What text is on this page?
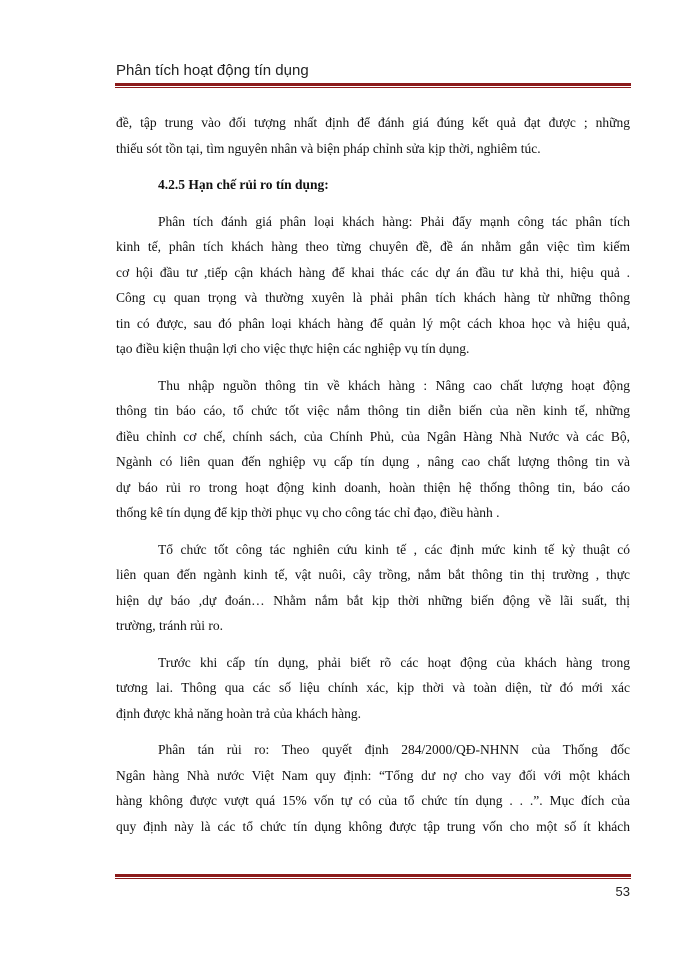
Phân tích hoạt động tín dụng
đề, tập trung vào đối tượng nhất định để đánh giá đúng kết quả đạt được ; những
thiếu sót tồn tại, tìm nguyên nhân và biện pháp chỉnh sửa kịp thời, nghiêm túc.
4.2.5 Hạn chế rủi ro tín dụng:
Phân tích đánh giá phân loại khách hàng: Phải đẩy mạnh công tác phân tích
kinh tế, phân tích khách hàng theo từng chuyên đề, đề án nhằm gắn việc tìm kiếm
cơ hội đầu tư ,tiếp cận khách hàng để khai thác các dự án đầu tư khả thi, hiệu quả .
Công cụ quan trọng và thường xuyên là phải phân tích khách hàng từ những thông
tin có được, sau đó phân loại khách hàng để quản lý một cách khoa học và hiệu quả,
tạo điều kiện thuận lợi cho việc thực hiện các nghiệp vụ tín dụng.
Thu nhập nguồn thông tin về khách hàng : Nâng cao chất lượng hoạt động
thông tin báo cáo, tổ chức tốt việc nắm thông tin diễn biến của nền kinh tế, những
điều chỉnh cơ chế, chính sách, của Chính Phủ, của Ngân Hàng Nhà Nước và các Bộ,
Ngành có liên quan đến nghiệp vụ cấp tín dụng , nâng cao chất lượng thông tin và
dự báo rủi ro trong hoạt động kinh doanh, hoàn thiện hệ thống thông tin, báo cáo
thống kê tín dụng để kịp thời phục vụ cho công tác chỉ đạo, điều hành .
Tổ chức tốt công tác nghiên cứu kinh tế , các định mức kinh tế kỷ thuật có
liên quan đến ngành kinh tế, vật nuôi, cây trồng, nắm bắt thông tin thị trường , thực
hiện dự báo ,dự đoán… Nhằm nắm bắt kịp thời những biến động về lãi suất, thị
trường, tránh rủi ro.
Trước khi cấp tín dụng, phải biết rõ các hoạt động của khách hàng trong
tương lai. Thông qua các số liệu chính xác, kịp thời và toàn diện, từ đó mới xác
định được khả năng hoàn trả của khách hàng.
Phân tán rủi ro: Theo quyết định 284/2000/QĐ-NHNN của Thống đốc
Ngân hàng Nhà nước Việt Nam quy định: “Tổng dư nợ cho vay đối với một khách
hàng không được vượt quá 15% vốn tự có của tổ chức tín dụng . . .”. Mục đích của
quy định này là các tổ chức tín dụng không được tập trung vốn cho một số ít khách
53
